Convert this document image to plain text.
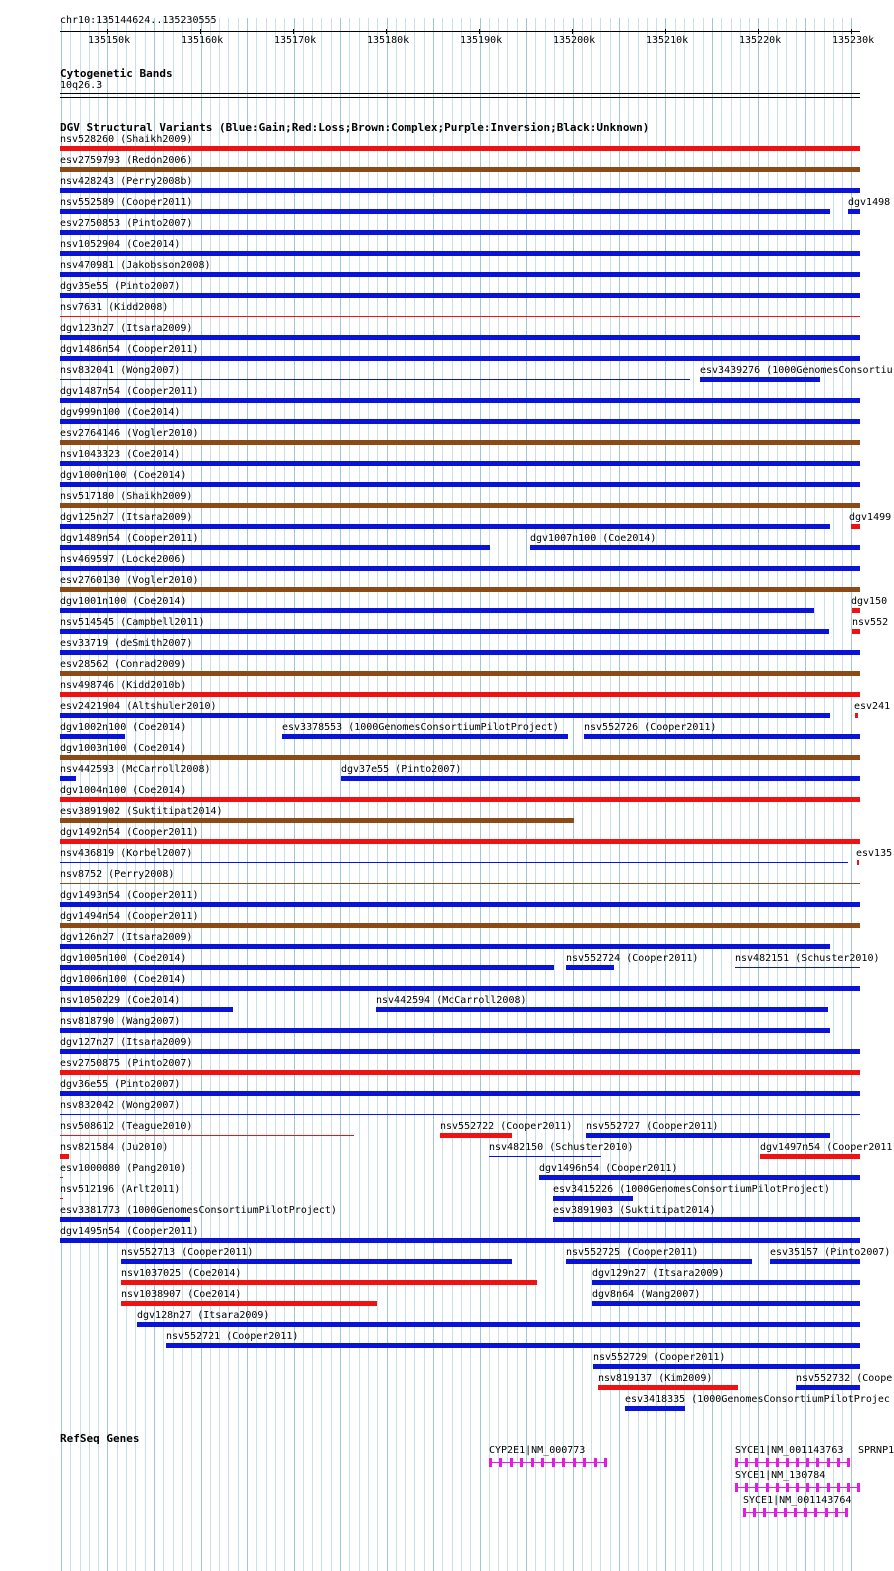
chr10:135144624..135230555
135150k	135160k	135170k	135180k	135190k	135200k	135210k	135220k	135230k
Cytogenetic Bands
10q26.3
DGV Structural Variants (Blue:Gain;Red:Loss;Brown:Complex;Purple:Inversion;Black:Unknown)
nsv528260 (Shaikh2009)
esv2759793 (Redon2006)
nsv428243 (Perry2008b)
nsv552589 (Cooper2011)	dgv1498
esv2750853 (Pinto2007)
nsv1052904 (Coe2014)
nsv470981 (Jakobsson2008)
dgv35e55 (Pinto2007)
nsv7631 (Kidd2008)
dgv123n27 (Itsara2009)
dgv1486n54 (Cooper2011)
nsv832041 (Wong2007)	esv3439276 (1000GenomesConsortiu
dgv1487n54 (Cooper2011)
dgv999n100 (Coe2014)
esv2764146 (Vogler2010)
nsv1043323 (Coe2014)
dgv1000n100 (Coe2014)
nsv517180 (Shaikh2009)
dgv125n27 (Itsara2009)	dgv1499
dgv1489n54 (Cooper2011)	dgv1007n100 (Coe2014)
nsv469597 (Locke2006)
esv2760130 (Vogler2010)
dgv1001n100 (Coe2014)	dgv150
nsv514545 (Campbell2011)	nsv552
esv33719 (deSmith2007)
esv28562 (Conrad2009)
nsv498746 (Kidd2010b)
esv2421904 (Altshuler2010)	esv241
dgv1002n100 (Coe2014)	esv3378553 (1000GenomesConsortiumPilotProject)	nsv552726 (Cooper2011)
dgv1003n100 (Coe2014)
nsv442593 (McCarroll2008)	dgv37e55 (Pinto2007)
dgv1004n100 (Coe2014)
esv3891902 (Suktitipat2014)
dgv1492n54 (Cooper2011)
nsv436819 (Korbel2007)	esv135
nsv8752 (Perry2008)
dgv1493n54 (Cooper2011)
dgv1494n54 (Cooper2011)
dgv126n27 (Itsara2009)
dgv1005n100 (Coe2014)	nsv552724 (Cooper2011)	nsv482151 (Schuster2010)
dgv1006n100 (Coe2014)
nsv1050229 (Coe2014)	nsv442594 (McCarroll2008)
nsv818790 (Wang2007)
dgv127n27 (Itsara2009)
esv2750875 (Pinto2007)
dgv36e55 (Pinto2007)
nsv832042 (Wong2007)
nsv508612 (Teague2010)	nsv552722 (Cooper2011) nsv552727 (Cooper2011)
nsv821584 (Ju2010)	nsv482150 (Schuster2010)	dgv1497n54 (Cooper2011
esv1000080 (Pang2010)	dgv1496n54 (Cooper2011)
nsv512196 (Arlt2011)	esv3415226 (1000GenomesConsortiumPilotProject)
esv3381773 (1000GenomesConsortiumPilotProject)	esv3891903 (Suktitipat2014)
dgv1495n54 (Cooper2011)
nsv552713 (Cooper2011)	nsv552725 (Cooper2011)	esv35157 (Pinto2007)
nsv1037025 (Coe2014)	dgv129n27 (Itsara2009)
nsv1038907 (Coe2014)	dgv8n64 (Wang2007)
dgv128n27 (Itsara2009)
nsv552721 (Cooper2011)
nsv552729 (Cooper2011)
nsv819137 (Kim2009)	nsv552732 (Coope
esv3418335 (1000GenomesConsortiumPilotProjec
RefSeq Genes
CYP2E1|NM_000773	SYCE1|NM_001143763 SPRNP1
SYCE1|NM_130784
SYCE1|NM_001143764
